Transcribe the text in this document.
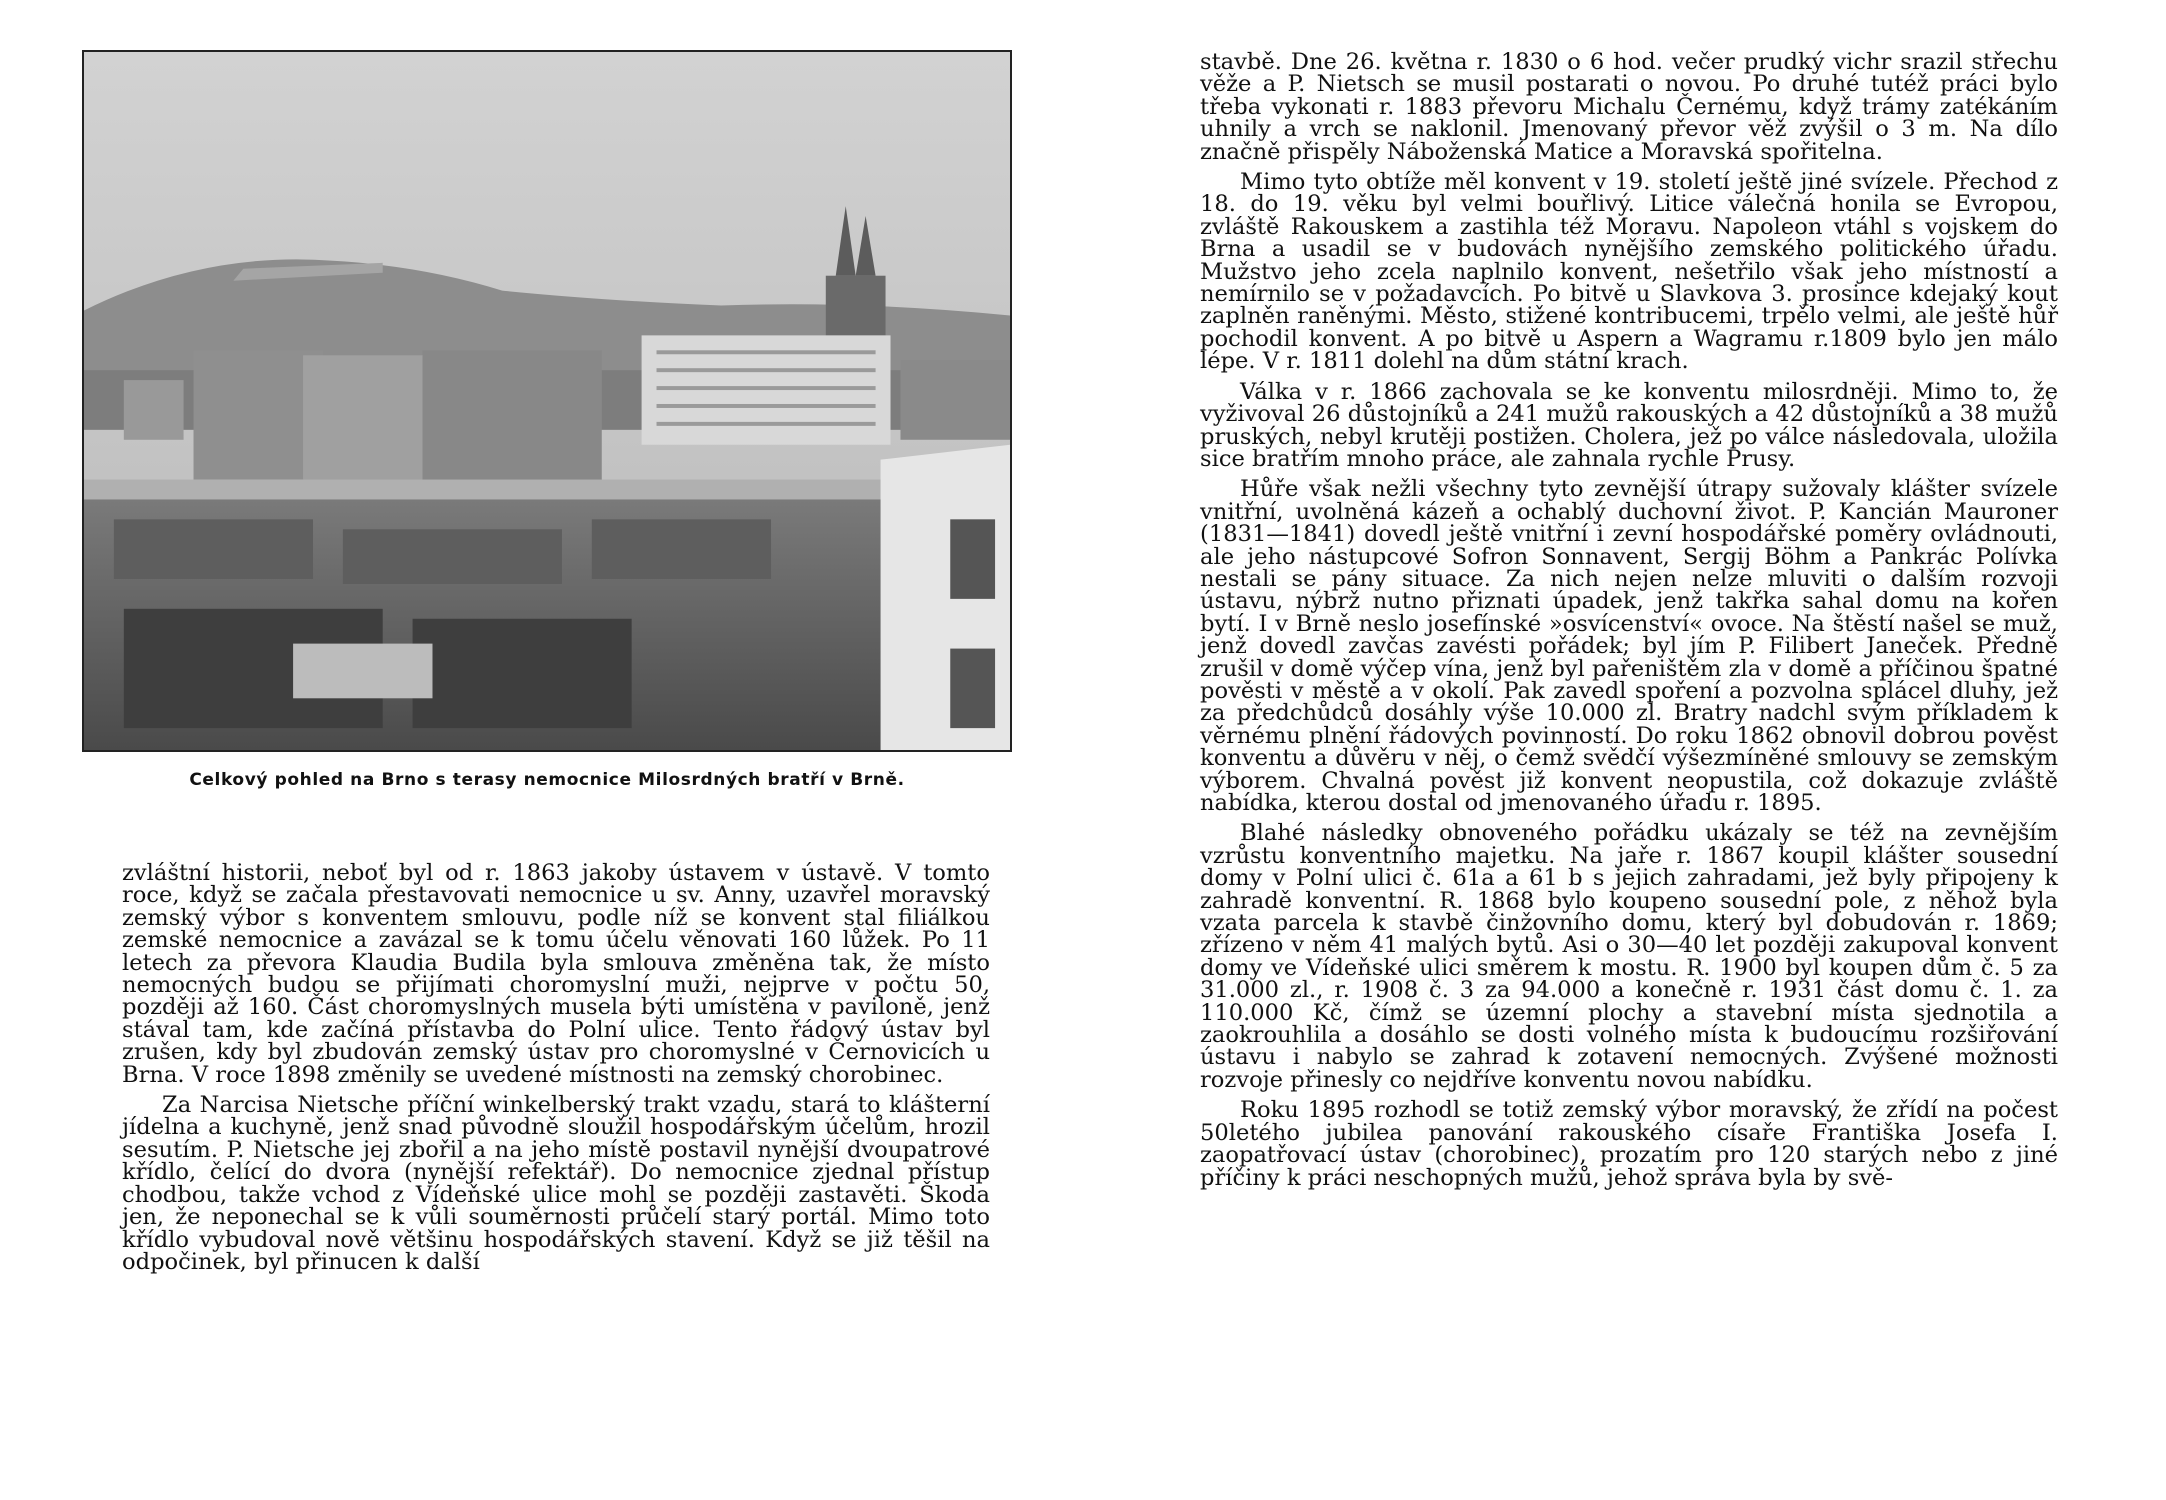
Celkový pohled na Brno s terasy nemocnice Milosrdných bratří v Brně.

zvláštní historii, neboť byl od r. 1863 jakoby ústavem v ústavě. V tomto roce, když se začala přestavovati nemocnice u sv. Anny, uzavřel moravský zemský výbor s konventem smlouvu, podle níž se konvent stal filiálkou zemské nemocnice a zavázal se k tomu účelu věnovati 160 lůžek. Po 11 letech za převora Klaudia Budila byla smlouva změněna tak, že místo nemocných budou se přijímati choromyslní muži, nejprve v počtu 50, později až 160. Část choromyslných musela býti umístěna v pavilоně, jenž stával tam, kde začíná přístavba do Polní ulice. Tento řádový ústav byl zrušen, kdy byl zbudován zemský ústav pro choromyslné v Černovicích u Brna. V roce 1898 změnily se uvedené místnosti na zemský chorobinec.

Za Narcisa Nietsche příční winkelberský trakt vzadu, stará to klášterní jídelna a kuchyně, jenž snad původně sloužil hospodářským účelům, hrozil sesutím. P. Nietsche jej zbořil a na jeho místě postavil nynější dvoupatrové křídlo, čelící do dvora (nynější refektář). Do nemocnice zjednal přístup chodbou, takže vchod z Vídeňské ulice mohl se později zastavěti. Škoda jen, že neponechal se k vůli souměrnosti průčelí starý portál. Mimo toto křídlo vybudoval nově většinu hospodářských stavení. Když se již těšil na odpočinek, byl přinucen k další

stavbě. Dne 26. května r. 1830 o 6 hod. večer prudký vichr srazil střechu věže a P. Nietsch se musil postarati o novou. Po druhé tutéž práci bylo třeba vykonati r. 1883 převoru Michalu Černému, když trámy zatékáním uhnily a vrch se naklonil. Jmenovaný převor věž zvýšil o 3 m. Na dílo značně přispěly Náboženská Matice a Moravská spořitelna.

Mimo tyto obtíže měl konvent v 19. století ještě jiné svízele. Přechod z 18. do 19. věku byl velmi bouřlivý. Litice válečná honila se Evropou, zvláště Rakouskem a zastihla též Moravu. Napoleon vtáhl s vojskem do Brna a usadil se v budovách nynějšího zemského politického úřadu. Mužstvo jeho zcela naplnilo konvent, nešetřilo však jeho místností a nemírnilo se v požadavcích. Po bitvě u Slavkova 3. prosince kdejaký kout zaplněn raněnými. Město, stižené kontribucemi, trpělo velmi, ale ještě hůř pochodil konvent. A po bitvě u Aspern a Wagramu r.1809 bylo jen málo lépe. V r. 1811 dolehl na dům státní krach.

Válka v r. 1866 zachovala se ke konventu milosrdněji. Mimo to, že vyživoval 26 důstojníků a 241 mužů rakouských a 42 důstojníků a 38 mužů pruských, nebyl krutěji postižen. Cholera, jež po válce následovala, uložila sice bratřím mnoho práce, ale zahnala rychle Prusy.

Hůře však nežli všechny tyto zevnější útrapy sužovaly klášter svízele vnitřní, uvolněná kázeň a ochablý duchovní život. P. Kancián Mauroner (1831—1841) dovedl ještě vnitřní i zevní hospodářské poměry ovládnouti, ale jeho nástupcové Sofron Sonnavent, Sergij Böhm a Pankrác Polívka nestali se pány situace. Za nich nejen nelze mluviti o dalším rozvoji ústavu, nýbrž nutno přiznati úpadek, jenž takřka sahal domu na kořen bytí. I v Brně neslo josefínské »osvícenství« ovoce. Na štěstí našel se muž, jenž dovedl zavčas zavésti pořádek; byl jím P. Filibert Janeček. Předně zrušil v domě výčep vína, jenž byl pařeništěm zla v domě a příčinou špatné pověsti v městě a v okolí. Pak zavedl spoření a pozvolna splácel dluhy, jež za předchůdců dosáhly výše 10.000 zl. Bratry nadchl svým příkladem k věrnému plnění řádových povinností. Do roku 1862 obnovil dobrou pověst konventu a důvěru v něj, o čemž svědčí výšezmíněné smlouvy se zemským výborem. Chvalná pověst již konvent neopustila, což dokazuje zvláště nabídka, kterou dostal od jmenovaného úřadu r. 1895.

Blahé následky obnoveného pořádku ukázaly se též na zevnějším vzrůstu konventního majetku. Na jaře r. 1867 koupil klášter sousední domy v Polní ulici č. 61a a 61 b s jejich zahradami, jež byly připojeny k zahradě konventní. R. 1868 bylo koupeno sousední pole, z něhož byla vzata parcela k stavbě činžovního domu, který byl dobudován r. 1869; zřízeno v něm 41 malých bytů. Asi o 30—40 let později zakupoval konvent domy ve Vídeňské ulici směrem k mostu. R. 1900 byl koupen dům č. 5 za 31.000 zl., r. 1908 č. 3 za 94.000 a konečně r. 1931 část domu č. 1. za 110.000 Kč, čímž se územní plochy a stavební místa sjednotila a zaokrouhlila a dosáhlo se dosti volného místa k budoucímu rozšiřování ústavu i nabylo se zahrad k zotavení nemocných. Zvýšené možnosti rozvoje přinesly co nejdříve konventu novou nabídku.

Roku 1895 rozhodl se totiž zemský výbor moravský, že zřídí na počest 50letého jubilea panování rakouského císaře Františka Josefa I. zaopatřovací ústav (chorobinec), prozatím pro 120 starých nebo z jiné příčiny k práci neschopných mužů, jehož správa byla by svě-
